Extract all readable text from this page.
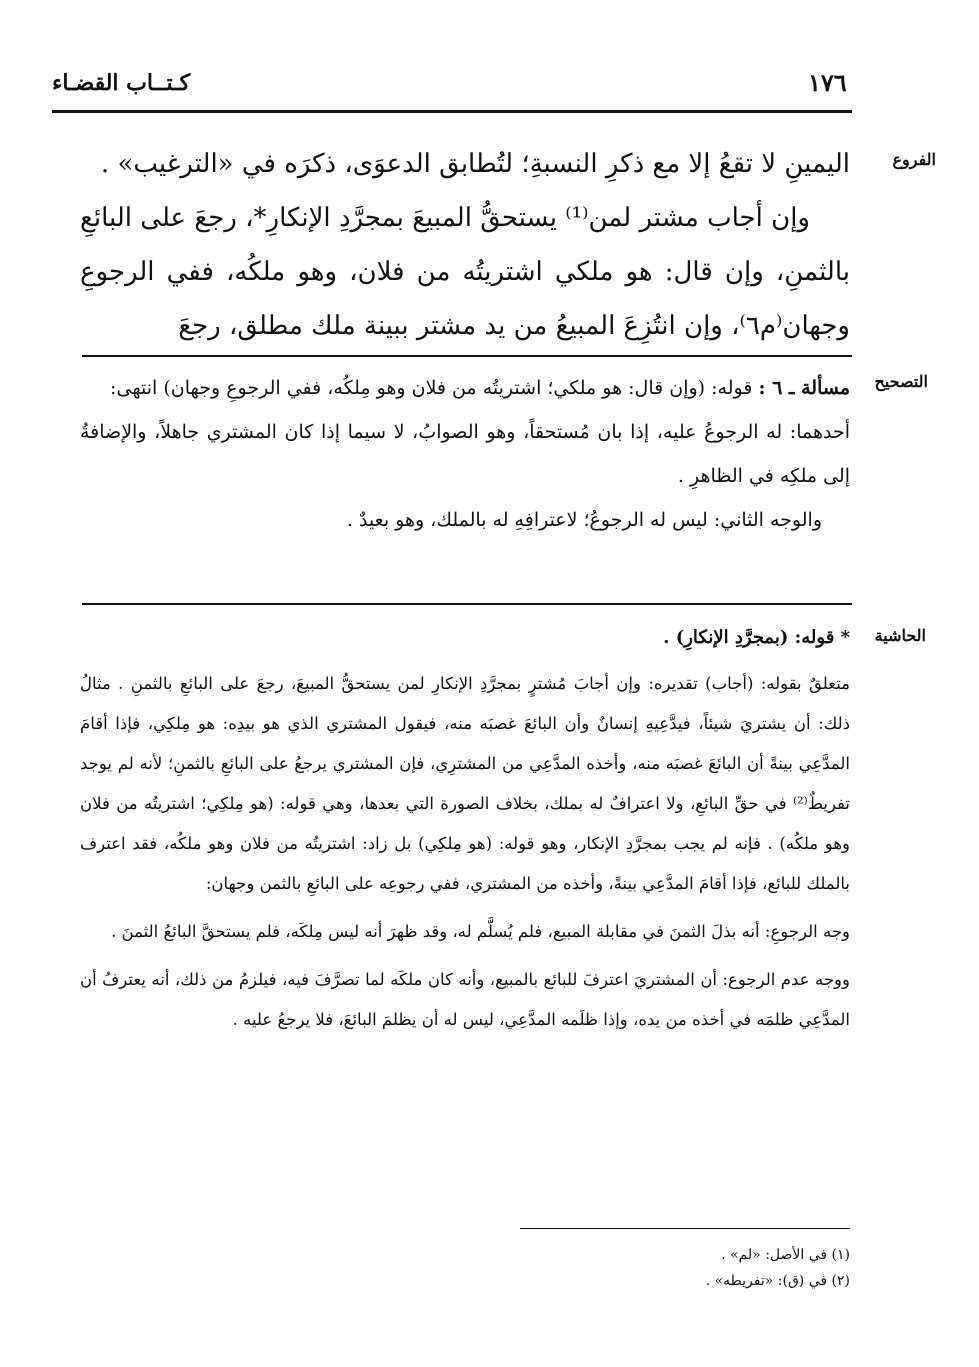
١٧٦
كـتــاب القضـاء
الفروع
التصحيح
الحاشية

اليمينِ لا تقعُ إلا مع ذكرِ النسبةِ؛ لتُطابق الدعوَى، ذكرَه في «الترغيب» .

وإن أجاب مشتر لمن⁽¹⁾ يستحقُّ المبيعَ بمجرَّدِ الإنكارِ*، رجعَ على البائعِ بالثمنِ، وإن قال: هو ملكي اشتريتُه من فلان، وهو ملكُه، ففي الرجوعِ وجهان⁽م٦⁾، وإن انتُزِعَ المبيعُ من يد مشتر ببينة ملك مطلق، رجعَ

مسألة ـ ٦ : قوله: (وإن قال: هو ملكي؛ اشتريتُه من فلان وهو مِلكُه، ففي الرجوعِ وجهان) انتهى:

أحدهما: له الرجوعُ عليه، إذا بان مُستحقاً، وهو الصوابُ، لا سيما إذا كان المشتري جاهلاً، والإضافةُ إلى ملكِه في الظاهرِ .

والوجه الثاني: ليس له الرجوعُ؛ لاعترافِهِ له بالملك، وهو بعيدٌ .

* قوله: (بمجرَّدِ الإنكارِ) .

متعلقٌ بقوله: (أجاب) تقديره: وإن أجابَ مُشترٍ بمجرَّدِ الإنكارِ لمن يستحقُّ المبيعَ، رجعَ على البائعِ بالثمنِ . مثالُ ذلك: أن يشتريَ شيئاً، فيدَّعِيهِ إنسانٌ وأن البائعَ غصبَه منه، فيقول المشتري الذي هو بيدِه: هو مِلكِي، فإذا أقامَ المدَّعِي بينةً أن البائعَ غصبَه منه، وأخذه المدَّعِي من المشترِي، فإن المشتري يرجعُ على البائعِ بالثمنِ؛ لأنه لم يوجد تفريطٌ⁽²⁾ في حقِّ البائعِ، ولا اعترافٌ له بملك، بخلاف الصورة التي بعدها، وهي قوله: (هو مِلكِي؛ اشتريتُه من فلان وهو ملكُه) . فإنه لم يجب بمجرَّدِ الإنكار، وهو قوله: (هو مِلكِي) بل زاد: اشتريتُه من فلان وهو ملكُه، فقد اعترف بالملك للبائع، فإذا أقامَ المدَّعِي بينةً، وأخذه من المشتري، ففي رجوعِه على البائعِ بالثمن وجهان:

وجه الرجوعِ: أنه بذلَ الثمنَ في مقابلة المبيع، فلم يُسلَّم له، وقد ظهرَ أنه ليس مِلكَه، فلم يستحقَّ البائعُ الثمنَ .

ووجه عدم الرجوع: أن المشتريَ اعترفَ للبائع بالمبيع، وأنه كان ملكَه لما تصرَّفَ فيه، فيلزمُ من ذلك، أنه يعترفُ أن المدَّعِي ظلمَه في أخذه من يده، وإذا ظلَمه المدَّعِي، ليس له أن يظلمَ البائعَ، فلا يرجعُ عليه .

(١) في الأصل: «لم» .

(٢) في (ق): «تفريطه» .
